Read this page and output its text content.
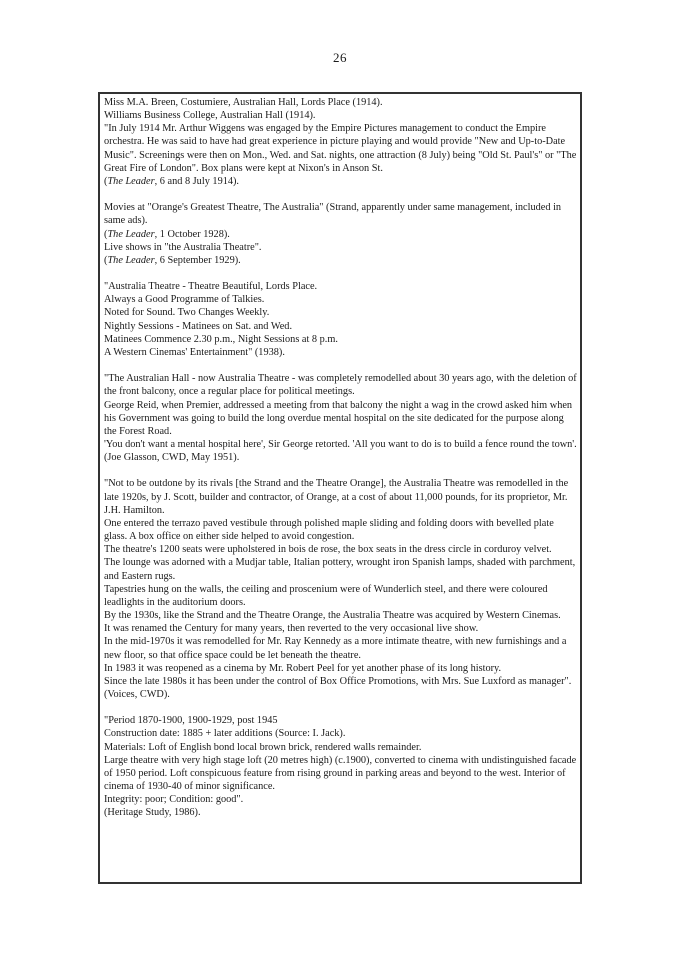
26

Miss M.A. Breen, Costumiere, Australian Hall, Lords Place (1914).

Williams Business College, Australian Hall (1914).

"In July 1914 Mr. Arthur Wiggens was engaged by the Empire Pictures management to conduct the Empire orchestra. He was said to have had great experience in picture playing and would provide "New and Up-to-Date Music". Screenings were then on Mon., Wed. and Sat. nights, one attraction (8 July) being "Old St. Paul's" or "The Great Fire of London". Box plans were kept at Nixon's in Anson St.

(The Leader, 6 and 8 July 1914).

Movies at "Orange's Greatest Theatre, The Australia" (Strand, apparently under same management, included in same ads).

(The Leader, 1 October 1928).

Live shows in "the Australia Theatre".

(The Leader, 6 September 1929).

"Australia Theatre - Theatre Beautiful, Lords Place.

Always a Good Programme of Talkies.

Noted for Sound. Two Changes Weekly.

Nightly Sessions - Matinees on Sat. and Wed.

Matinees Commence 2.30 p.m., Night Sessions at 8 p.m.

A Western Cinemas' Entertainment" (1938).

"The Australian Hall - now Australia Theatre - was completely remodelled about 30 years ago, with the deletion of the front balcony, once a regular place for political meetings.

George Reid, when Premier, addressed a meeting from that balcony the night a wag in the crowd asked him when his Government was going to build the long overdue mental hospital on the site dedicated for the purpose along the Forest Road.

'You don't want a mental hospital here', Sir George retorted. 'All you want to do is to build a fence round the town'.

(Joe Glasson, CWD, May 1951).

"Not to be outdone by its rivals [the Strand and the Theatre Orange], the Australia Theatre was remodelled in the late 1920s, by J. Scott, builder and contractor, of Orange, at a cost of about 11,000 pounds, for its proprietor, Mr. J.H. Hamilton.

One entered the terrazo paved vestibule through polished maple sliding and folding doors with bevelled plate glass. A box office on either side helped to avoid congestion.

The theatre's 1200 seats were upholstered in bois de rose, the box seats in the dress circle in corduroy velvet.

The lounge was adorned with a Mudjar table, Italian pottery, wrought iron Spanish lamps, shaded with parchment, and Eastern rugs.

Tapestries hung on the walls, the ceiling and proscenium were of Wunderlich steel, and there were coloured leadlights in the auditorium doors.

By the 1930s, like the Strand and the Theatre Orange, the Australia Theatre was acquired by Western Cinemas.

It was renamed the Century for many years, then reverted to the very occasional live show.

In the mid-1970s it was remodelled for Mr. Ray Kennedy as a more intimate theatre, with new furnishings and a new floor, so that office space could be let beneath the theatre.

In 1983 it was reopened as a cinema by Mr. Robert Peel for yet another phase of its long history.

Since the late 1980s it has been under the control of Box Office Promotions, with Mrs. Sue Luxford as manager".

(Voices, CWD).

"Period 1870-1900, 1900-1929, post 1945

Construction date: 1885 + later additions (Source: I. Jack).

Materials: Loft of English bond local brown brick, rendered walls remainder.

Large theatre with very high stage loft (20 metres high) (c.1900), converted to cinema with undistinguished facade of 1950 period. Loft conspicuous feature from rising ground in parking areas and beyond to the west. Interior of cinema of 1930-40 of minor significance.

Integrity: poor; Condition: good".

(Heritage Study, 1986).
